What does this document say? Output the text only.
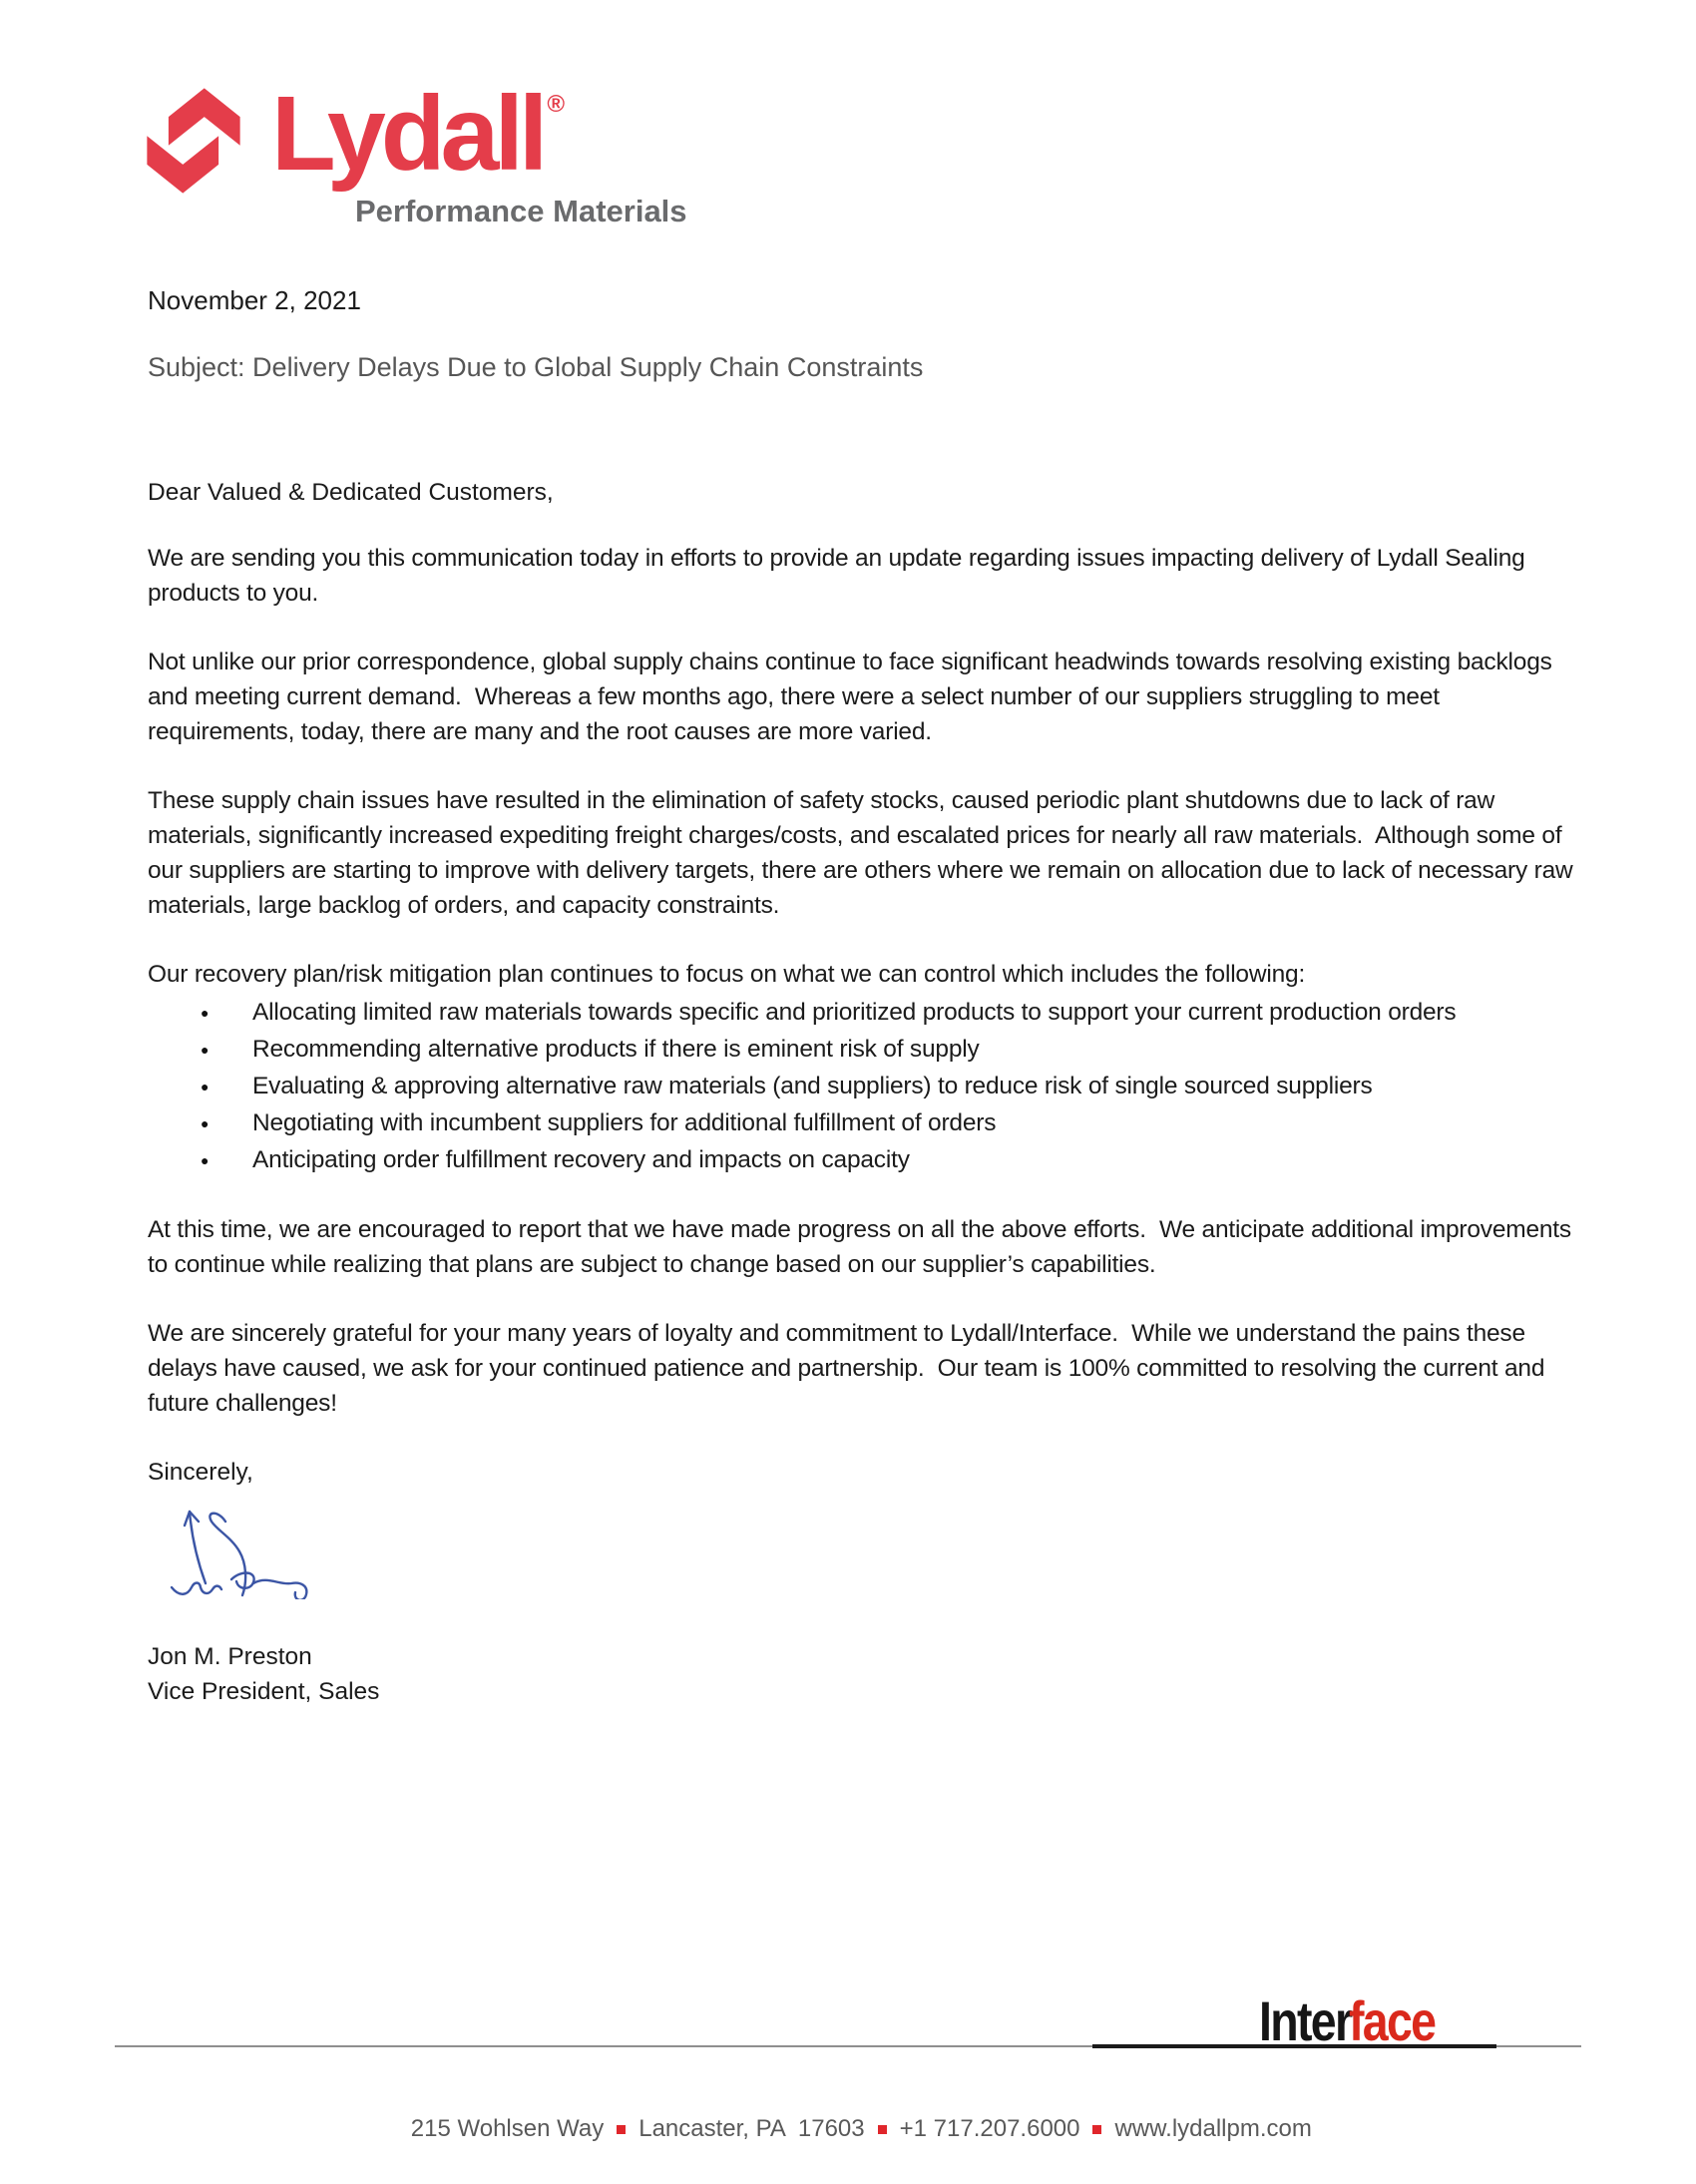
Lydall ®
Performance Materials
November 2, 2021
Subject: Delivery Delays Due to Global Supply Chain Constraints
Dear Valued & Dedicated Customers,

We are sending you this communication today in efforts to provide an update regarding issues impacting delivery of Lydall Sealing products to you.

Not unlike our prior correspondence, global supply chains continue to face significant headwinds towards resolving existing backlogs and meeting current demand.  Whereas a few months ago, there were a select number of our suppliers struggling to meet requirements, today, there are many and the root causes are more varied.

These supply chain issues have resulted in the elimination of safety stocks, caused periodic plant shutdowns due to lack of raw materials, significantly increased expediting freight charges/costs, and escalated prices for nearly all raw materials.  Although some of our suppliers are starting to improve with delivery targets, there are others where we remain on allocation due to lack of necessary raw materials, large backlog of orders, and capacity constraints.

Our recovery plan/risk mitigation plan continues to focus on what we can control which includes the following:

● Allocating limited raw materials towards specific and prioritized products to support your current production orders
● Recommending alternative products if there is eminent risk of supply
● Evaluating & approving alternative raw materials (and suppliers) to reduce risk of single sourced suppliers
● Negotiating with incumbent suppliers for additional fulfillment of orders
● Anticipating order fulfillment recovery and impacts on capacity

At this time, we are encouraged to report that we have made progress on all the above efforts.  We anticipate additional improvements to continue while realizing that plans are subject to change based on our supplier’s capabilities.

We are sincerely grateful for your many years of loyalty and commitment to Lydall/Interface.  While we understand the pains these delays have caused, we ask for your continued patience and partnership.  Our team is 100% committed to resolving the current and future challenges!

Sincerely,
Jon M. Preston
Vice President, Sales
Interface

215 Wohlsen Way Lancaster, PA  17603 +1 717.207.6000 www.lydallpm.com
